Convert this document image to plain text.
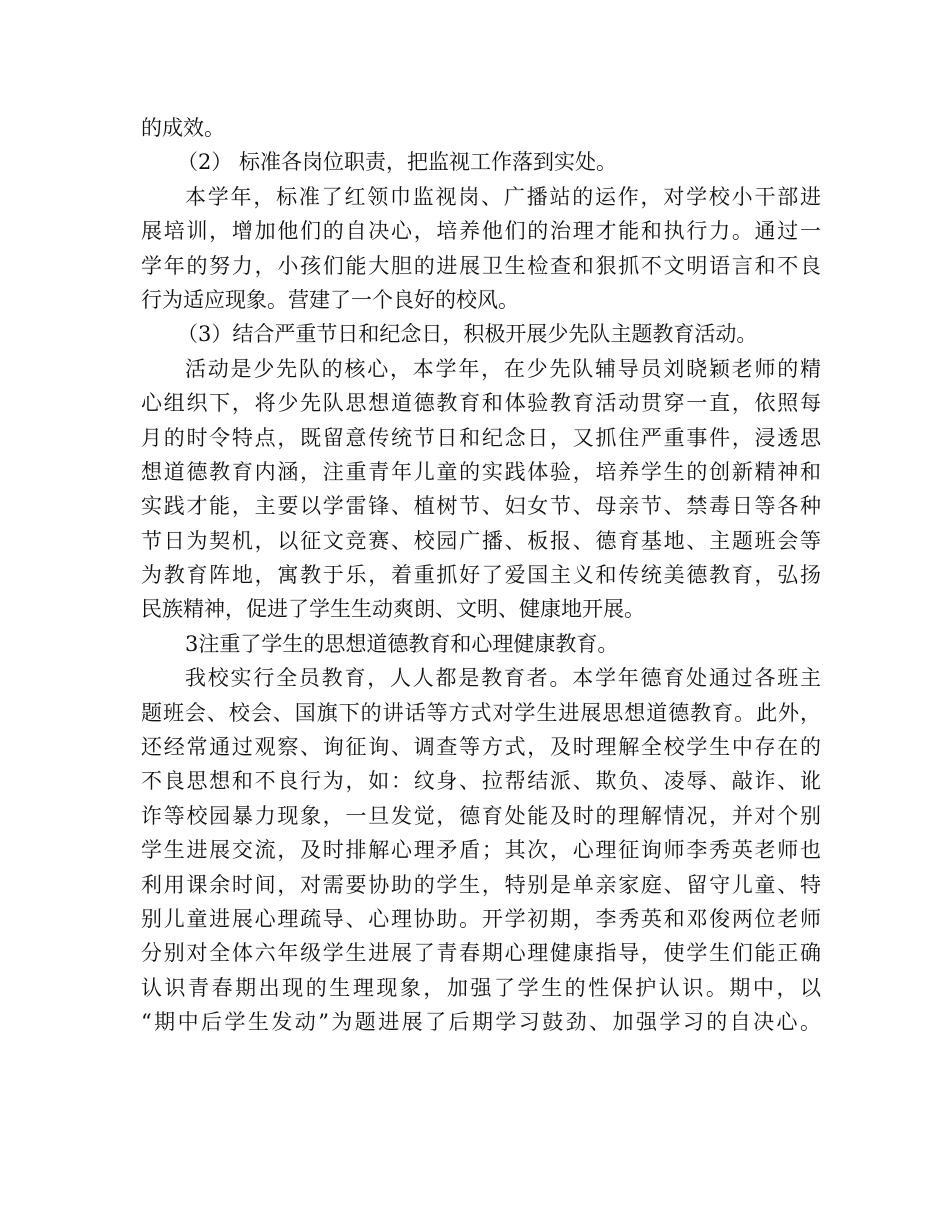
的成效。
（2） 标准各岗位职责，把监视工作落到实处。
本学年，标准了红领巾监视岗、广播站的运作，对学校小干部进
展培训，增加他们的自决心，培养他们的治理才能和执行力。通过一
学年的努力，小孩们能大胆的进展卫生检查和狠抓不文明语言和不良
行为适应现象。营建了一个良好的校风。
（3）结合严重节日和纪念日，积极开展少先队主题教育活动。
活动是少先队的核心，本学年，在少先队辅导员刘晓颖老师的精
心组织下，将少先队思想道德教育和体验教育活动贯穿一直，依照每
月的时令特点，既留意传统节日和纪念日，又抓住严重事件，浸透思
想道德教育内涵，注重青年儿童的实践体验，培养学生的创新精神和
实践才能，主要以学雷锋、植树节、妇女节、母亲节、禁毒日等各种
节日为契机，以征文竞赛、校园广播、板报、德育基地、主题班会等
为教育阵地，寓教于乐，着重抓好了爱国主义和传统美德教育，弘扬
民族精神，促进了学生生动爽朗、文明、健康地开展。
3注重了学生的思想道德教育和心理健康教育。
我校实行全员教育，人人都是教育者。本学年德育处通过各班主
题班会、校会、国旗下的讲话等方式对学生进展思想道德教育。此外，
还经常通过观察、询征询、调查等方式，及时理解全校学生中存在的
不良思想和不良行为，如：纹身、拉帮结派、欺负、凌辱、敲诈、讹
诈等校园暴力现象，一旦发觉，德育处能及时的理解情况，并对个别
学生进展交流，及时排解心理矛盾；其次，心理征询师李秀英老师也
利用课余时间，对需要协助的学生，特别是单亲家庭、留守儿童、特
别儿童进展心理疏导、心理协助。开学初期，李秀英和邓俊两位老师
分别对全体六年级学生进展了青春期心理健康指导，使学生们能正确
认识青春期出现的生理现象，加强了学生的性保护认识。期中，以
“期中后学生发动”为题进展了后期学习鼓劲、加强学习的自决心。
